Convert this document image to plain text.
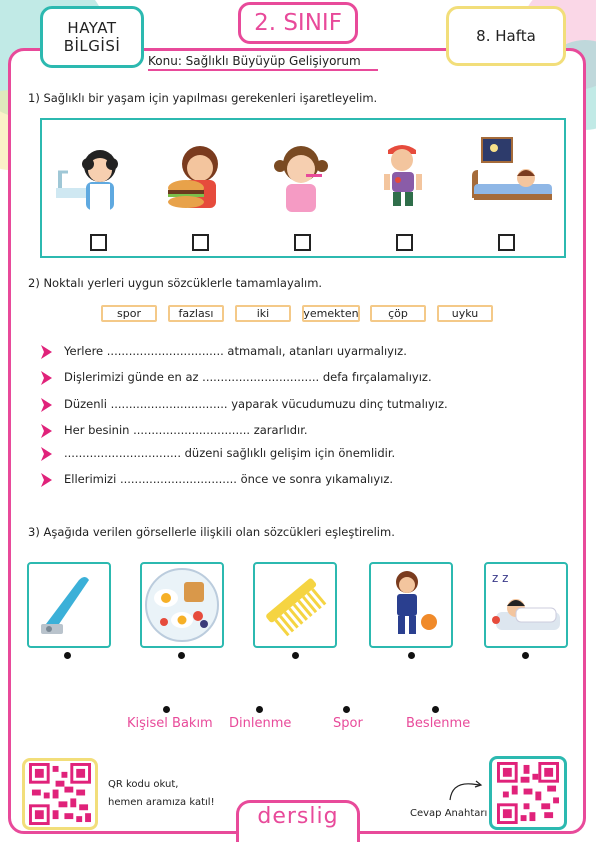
HAYAT
BİLGİSİ
2. SINIF	8. Hafta
Konu: Sağlıklı Büyüyüp Gelişiyorum
1) Sağlıklı bir yaşam için yapılması gerekenleri işaretleyelim.
2) Noktalı yerleri uygun sözcüklerle tamamlayalım.
spor	fazlası	iki	yemekten	çöp	uyku
Yerlere ................................ atmamalı, atanları uyarmalıyız.
Dişlerimizi günde en az ................................ defa fırçalamalıyız.
Düzenli ................................ yaparak vücudumuzu dinç tutmalıyız.
Her besinin ................................ zararlıdır.
................................ düzeni sağlıklı gelişim için önemlidir.
Ellerimizi ................................ önce ve sonra yıkamalıyız.
3) Aşağıda verilen görsellerle ilişkili olan sözcükleri eşleştirelim.
z z
Kişisel Bakım Dinlenme	Spor	Beslenme
QR kodu okut,
hemen aramıza katıl!
derslig	Cevap Anahtarı
